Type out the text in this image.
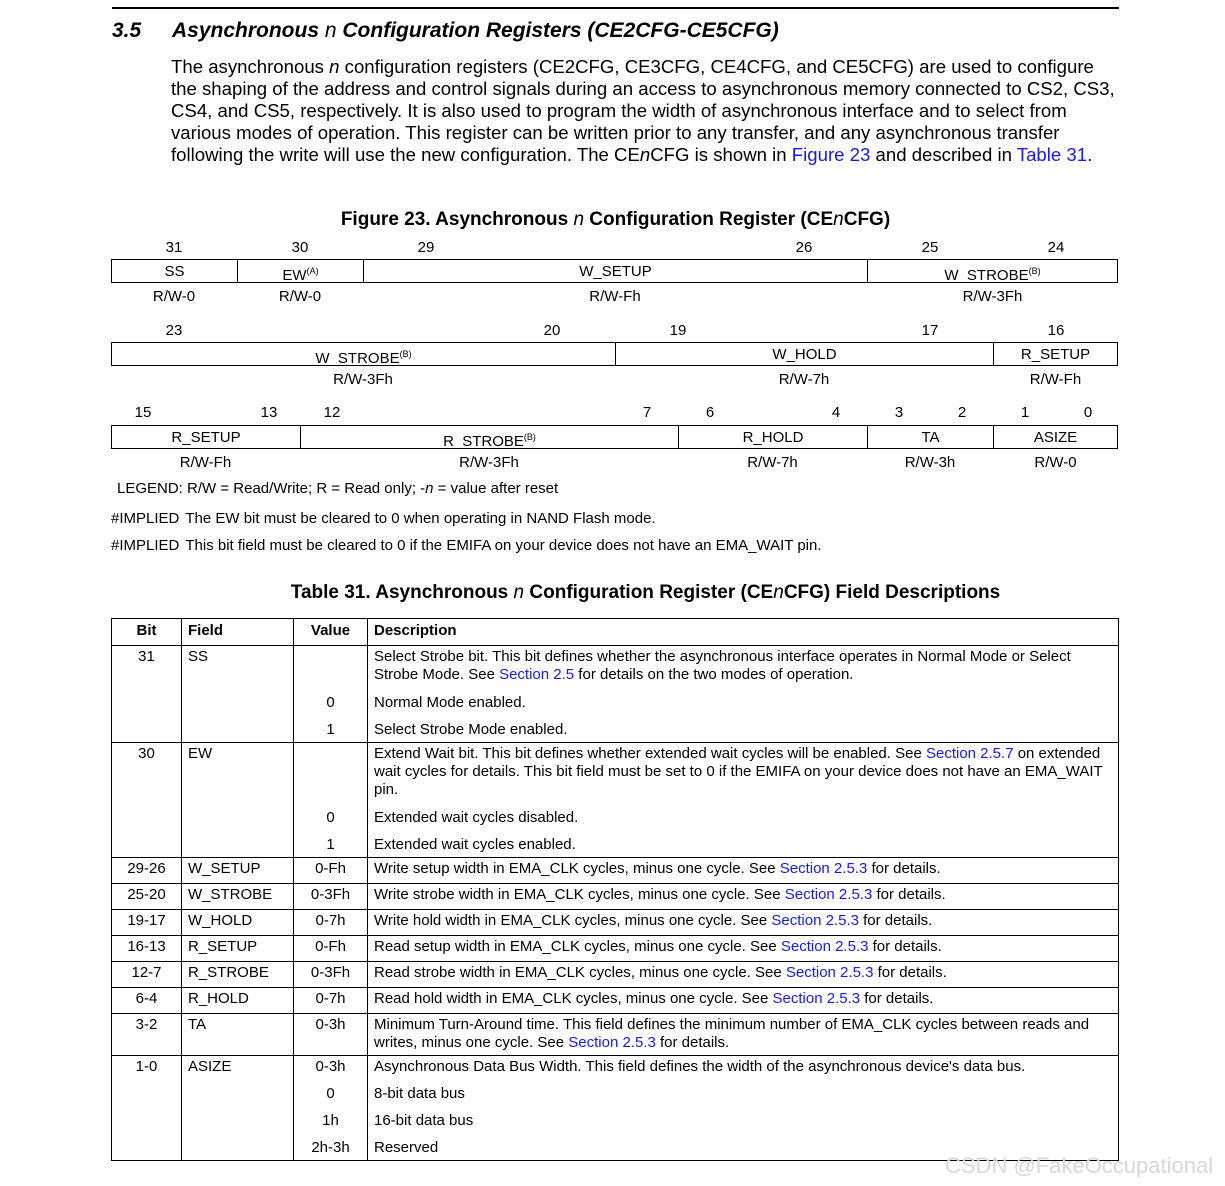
3.5 Asynchronous n Configuration Registers (CE2CFG-CE5CFG)
The asynchronous n configuration registers (CE2CFG, CE3CFG, CE4CFG, and CE5CFG) are used to configure the shaping of the address and control signals during an access to asynchronous memory connected to CS2, CS3, CS4, and CS5, respectively. It is also used to program the width of asynchronous interface and to select from various modes of operation. This register can be written prior to any transfer, and any asynchronous transfer following the write will use the new configuration. The CEnCFG is shown in Figure 23 and described in Table 31.
Figure 23. Asynchronous n Configuration Register (CEnCFG)
31	30	29	26	25	24
SS	$EW^{(A)}$	W_SETUP	$W\_STROBE^{(B)}$
R/W-0	R/W-0	R/W-Fh	R/W-3Fh
23	20	19	17	16
$W\_STROBE^{(B)}$	W_HOLD	R_SETUP
R/W-3Fh	R/W-7h	R/W-Fh
15	13	12	7	6	4	3	2	1	0
R_SETUP	$R\_STROBE^{(B)}$	R_HOLD	TA	ASIZE
R/W-Fh	R/W-3Fh	R/W-7h	R/W-3h	R/W-0
LEGEND: R/W = Read/Write; R = Read only; -n = value after reset
#IMPLIED The EW bit must be cleared to 0 when operating in NAND Flash mode.
#IMPLIED This bit field must be cleared to 0 if the EMIFA on your device does not have an EMA_WAIT pin.
Table 31. Asynchronous n Configuration Register (CEnCFG) Field Descriptions
Bit	Field	Value	Description
31	SS		Select Strobe bit. This bit defines whether the asynchronous interface operates in Normal Mode or Select Strobe Mode. See Section 2.5 for details on the two modes of operation.
		0	Normal Mode enabled.
		1	Select Strobe Mode enabled.
30	EW		Extend Wait bit. This bit defines whether extended wait cycles will be enabled. See Section 2.5.7 on extended wait cycles for details. This bit field must be set to 0 if the EMIFA on your device does not have an EMA_WAIT pin.
		0	Extended wait cycles disabled.
		1	Extended wait cycles enabled.
29-26	W_SETUP	0-Fh	Write setup width in EMA_CLK cycles, minus one cycle. See Section 2.5.3 for details.
25-20	W_STROBE	0-3Fh	Write strobe width in EMA_CLK cycles, minus one cycle. See Section 2.5.3 for details.
19-17	W_HOLD	0-7h	Write hold width in EMA_CLK cycles, minus one cycle. See Section 2.5.3 for details.
16-13	R_SETUP	0-Fh	Read setup width in EMA_CLK cycles, minus one cycle. See Section 2.5.3 for details.
12-7	R_STROBE	0-3Fh	Read strobe width in EMA_CLK cycles, minus one cycle. See Section 2.5.3 for details.
6-4	R_HOLD	0-7h	Read hold width in EMA_CLK cycles, minus one cycle. See Section 2.5.3 for details.
3-2	TA	0-3h	Minimum Turn-Around time. This field defines the minimum number of EMA_CLK cycles between reads and writes, minus one cycle. See Section 2.5.3 for details.
1-0	ASIZE	0-3h	Asynchronous Data Bus Width. This field defines the width of the asynchronous device's data bus.
		0	8-bit data bus
		1h	16-bit data bus
		2h-3h	Reserved
CSDN @FakeOccupational
